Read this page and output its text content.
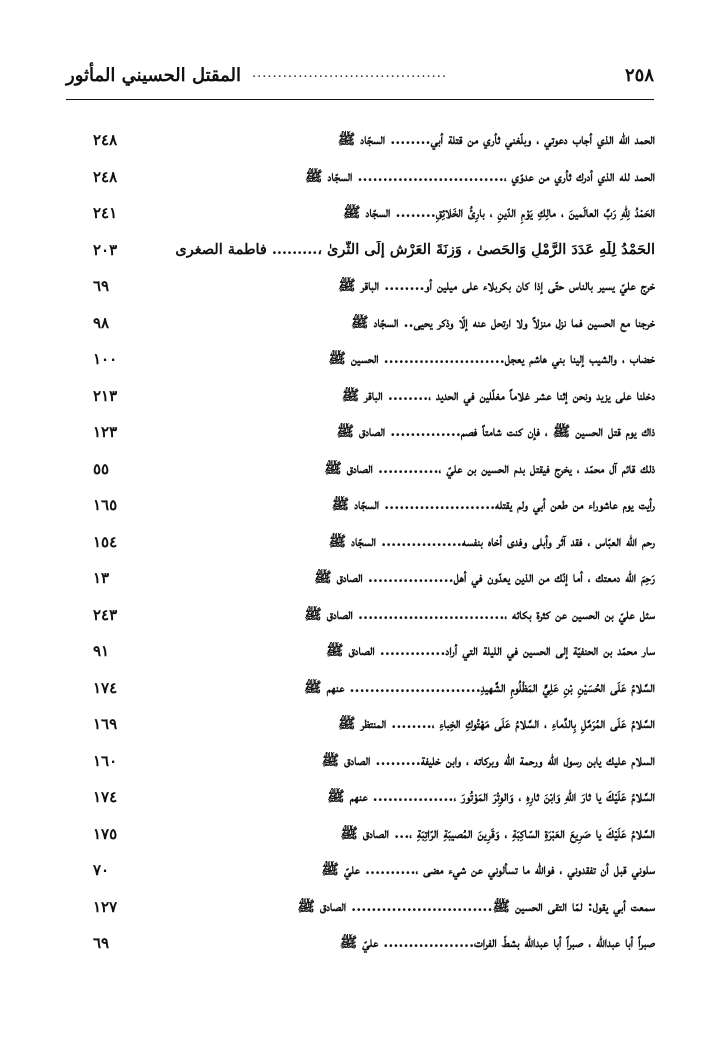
٢٥٨
......................................
المقتل الحسيني المأثور
الحمد الله الذي أجاب دعوتي ، وبلّغني ثأري من قتلة أبي........ السجّاد ﷺ
٢٤٨
الحمد لله الذي أدرك ثأري من عدوّي ،............................. السجّاد ﷺ
٢٤٨
الحَمْدُ لِلّٰهِ رَبِّ العالَمينَ ، مالِكِ يَوْمِ الدّينِ ، بارِئُ الخَلائِقِ........ السجّاد ﷺ
٢٤١
الحَمْدُ لِلّٰهِ عَدَدَ الرَّمْلِ وَالحَصىٰ ، وَزِنَةَ العَرْشِ إِلَى الثَّرىٰ ،......... فاطمة الصغرى
٢٠٣
خرج عليّ يسير بالناس حتّى إذا كان بكربلاء على ميلين أو........ الباقر ﷺ
٦٩
خرجنا مع الحسين فما نزل منزلاً ولا ارتحل عنه إلّا وذكر يحيى.. السجّاد ﷺ
٩٨
خضاب ، والشيب إلينا بني هاشم يعجل........................ الحسين ﷺ
١٠٠
دخلنا على يزيد ونحن إثنا عشر غلاماً مغلّلين في الحديد ،........ الباقر ﷺ
٢١٣
ذاك يوم قتل الحسين ﷺ ، فإن كنت شامتاً فصم.............. الصادق ﷺ
١٢٣
ذلك قائم آل محمّد ، يخرج فيقتل بدم الحسين بن عليّ ،............ الصادق ﷺ
٥٥
رأيت يوم عاشوراء من طعن أبي ولم يقتله...................... السجّاد ﷺ
١٦٥
رحم الله العبّاس ، فقد آثر وأبلى وفدى أخاه بنفسه................ السجّاد ﷺ
١٥٤
رَحِمَ الله دمعتك ، أما إنّك من الذين يعدّون في أهل................. الصادق ﷺ
١٣
سئل عليّ بن الحسين عن كثرة بكائه ،............................. الصادق ﷺ
٢٤٣
سار محمّد بن الحنفيّة إلى الحسين في الليلة التي أراد............. الصادق ﷺ
٩١
السَّلامُ عَلَى الحُسَيْنِ بْنِ عَلِيٍّ المَظْلُومِ الشَّهيدِ.......................... عنهم ﷺ
١٧٤
السَّلامُ عَلَى المُرَمَّلِ بِالدِّماءِ ، السَّلامُ عَلَى مَهْتُوكِ الخِباءِ ،........ المنتظر ﷺ
١٦٩
السلام عليك يابن رسول الله ورحمة الله وبركاته ، وابن خليفة......... الصادق ﷺ
١٦٠
السَّلامُ عَلَيْكَ يا ثارَ اللهِ وَابْنَ ثارِهِ ، وَالوِتْرَ المَوْتُورَ ،................ عنهم ﷺ
١٧٤
السَّلامُ عَلَيْكَ يا صَرِيعَ العَبْرَةِ السّاكِبَةِ ، وَقَرِينَ المُصيبَةِ الرّاتِبَةِ ،... الصادق ﷺ
١٧٥
سلوني قبل أن تفقدوني ، فوالله ما تسألوني عن شيء مضى ،.......... عليّ ﷺ
٧٠
سمعت أبي يقول: لمّا التقى الحسين ﷺ............................ الصادق ﷺ
١٢٧
صبراً أبا عبدالله ، صبراً أبا عبدالله بشطّ الفرات.................. عليّ ﷺ
٦٩
